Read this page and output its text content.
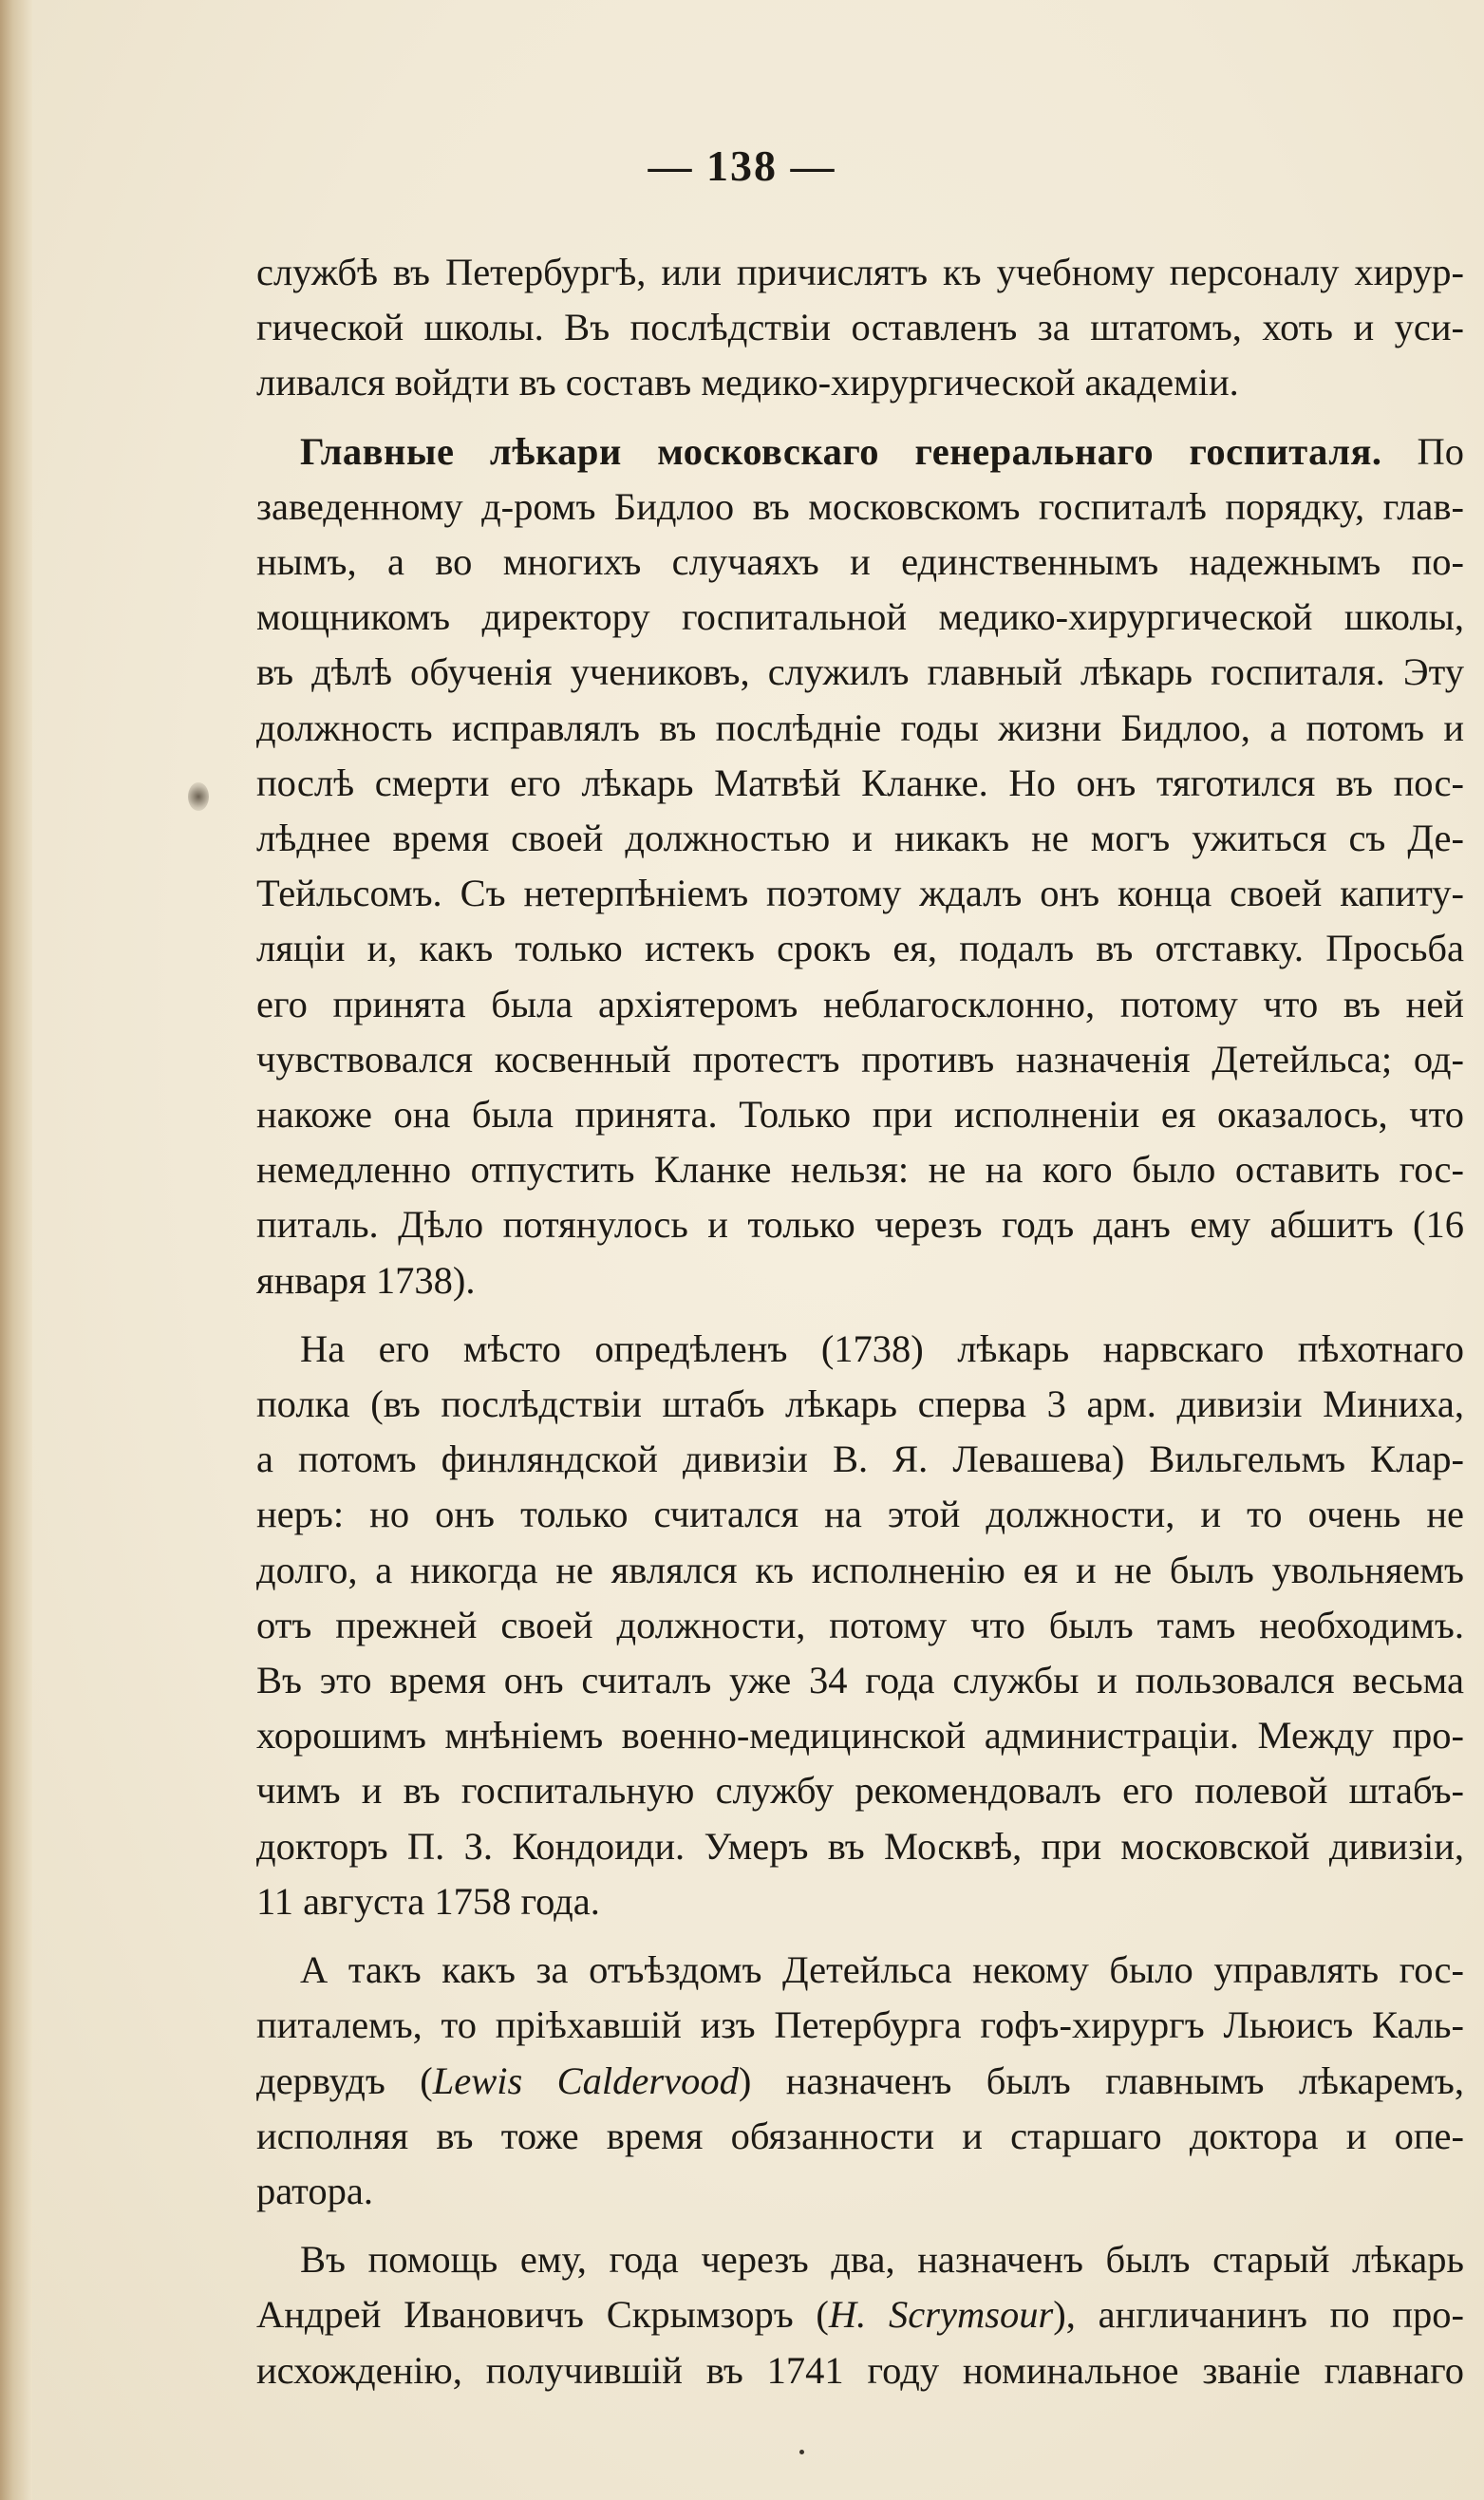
— 138 —
службѣ въ Петербургѣ, или причислятъ къ учебному персоналу хирур-
гической школы. Въ послѣдствіи оставленъ за штатомъ, хоть и уси-
ливался войдти въ составъ медико-хирургической академіи.
Главные лѣкари московскаго генеральнаго госпиталя. По
заведенному д-ромъ Бидлоо въ московскомъ госпиталѣ порядку, глав-
нымъ, а во многихъ случаяхъ и единственнымъ надежнымъ по-
мощникомъ директору госпитальной медико-хирургической школы,
въ дѣлѣ обученія учениковъ, служилъ главный лѣкарь госпиталя. Эту
должность исправлялъ въ послѣдніе годы жизни Бидлоо, а потомъ и
послѣ смерти его лѣкарь Матвѣй Кланке. Но онъ тяготился въ пос-
лѣднее время своей должностью и никакъ не могъ ужиться съ Де-
Тейльсомъ. Съ нетерпѣніемъ поэтому ждалъ онъ конца своей капиту-
ляціи и, какъ только истекъ срокъ ея, подалъ въ отставку. Просьба
его принята была архіятеромъ неблагосклонно, потому что въ ней
чувствовался косвенный протестъ противъ назначенія Детейльса; од-
накоже она была принята. Только при исполненіи ея оказалось, что
немедленно отпустить Кланке нельзя: не на кого было оставить гос-
питаль. Дѣло потянулось и только черезъ годъ данъ ему абшитъ (16
января 1738).
На его мѣсто опредѣленъ (1738) лѣкарь нарвскаго пѣхотнаго
полка (въ послѣдствіи штабъ лѣкарь сперва 3 арм. дивизіи Миниха,
а потомъ финляндской дивизіи В. Я. Левашева) Вильгельмъ Клар-
неръ: но онъ только считался на этой должности, и то очень не
долго, а никогда не являлся къ исполненію ея и не былъ увольняемъ
отъ прежней своей должности, потому что былъ тамъ необходимъ.
Въ это время онъ считалъ уже 34 года службы и пользовался весьма
хорошимъ мнѣніемъ военно-медицинской администраціи. Между про-
чимъ и въ госпитальную службу рекомендовалъ его полевой штабъ-
докторъ П. З. Кондоиди. Умеръ въ Москвѣ, при московской дивизіи,
11 августа 1758 года.
А такъ какъ за отъѣздомъ Детейльса некому было управлять гос-
питалемъ, то пріѣхавшій изъ Петербурга гофъ-хирургъ Льюисъ Каль-
дервудъ (Lewis Caldervood) назначенъ былъ главнымъ лѣкаремъ,
исполняя въ тоже время обязанности и старшаго доктора и опе-
ратора.
Въ помощь ему, года черезъ два, назначенъ былъ старый лѣкарь
Андрей Ивановичъ Скрымзоръ (H. Scrymsour), англичанинъ по про-
исхожденію, получившій въ 1741 году номинальное званіе главнаго
